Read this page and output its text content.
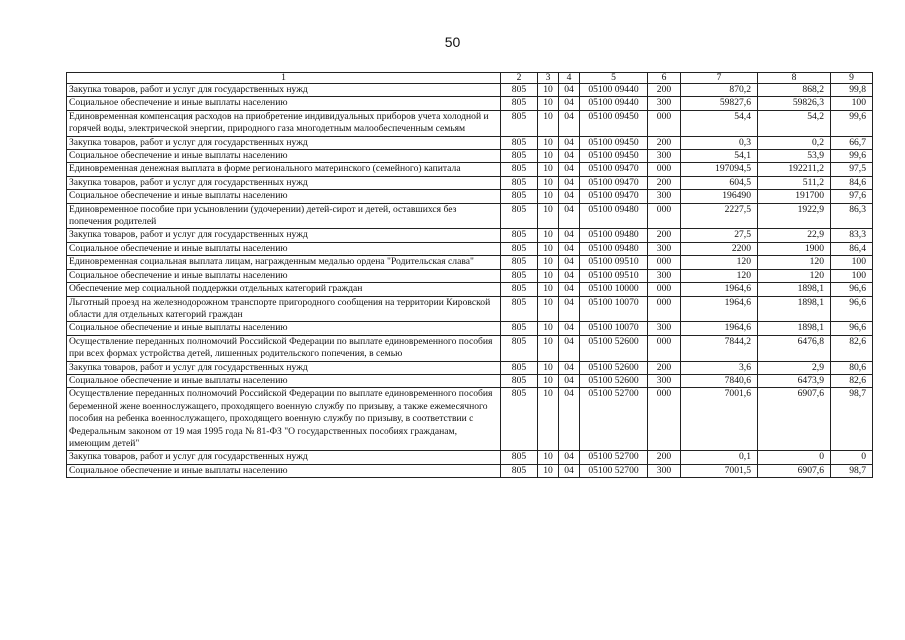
50
1	2	3	4	5	6	7	8	9
Закупка товаров, работ и услуг для государственных нужд	805	10	04	05100 09440	200	870,2	868,2	99,8
Социальное обеспечение и иные выплаты населению	805	10	04	05100 09440	300	59827,6	59826,3	100
Единовременная компенсация расходов на приобретение индивидуальных приборов учета холодной и горячей воды, электрической энергии, природного газа многодетным малообеспеченным семьям	805	10	04	05100 09450	000	54,4	54,2	99,6
Закупка товаров, работ и услуг для государственных нужд	805	10	04	05100 09450	200	0,3	0,2	66,7
Социальное обеспечение и иные выплаты населению	805	10	04	05100 09450	300	54,1	53,9	99,6
Единовременная денежная выплата в форме регионального материнского (семейного) капитала	805	10	04	05100 09470	000	197094,5	192211,2	97,5
Закупка товаров, работ и услуг для государственных нужд	805	10	04	05100 09470	200	604,5	511,2	84,6
Социальное обеспечение и иные выплаты населению	805	10	04	05100 09470	300	196490	191700	97,6
Единовременное пособие при усыновлении (удочерении) детей-сирот и детей, оставшихся без попечения родителей	805	10	04	05100 09480	000	2227,5	1922,9	86,3
Закупка товаров, работ и услуг для государственных нужд	805	10	04	05100 09480	200	27,5	22,9	83,3
Социальное обеспечение и иные выплаты населению	805	10	04	05100 09480	300	2200	1900	86,4
Единовременная социальная выплата лицам, награжденным медалью ордена "Родительская слава"	805	10	04	05100 09510	000	120	120	100
Социальное обеспечение и иные выплаты населению	805	10	04	05100 09510	300	120	120	100
Обеспечение мер социальной поддержки отдельных категорий граждан	805	10	04	05100 10000	000	1964,6	1898,1	96,6
Льготный проезд на железнодорожном транспорте пригородного сообщения на территории Кировской области для отдельных категорий граждан	805	10	04	05100 10070	000	1964,6	1898,1	96,6
Социальное обеспечение и иные выплаты населению	805	10	04	05100 10070	300	1964,6	1898,1	96,6
Осуществление переданных полномочий Российской Федерации по выплате единовременного пособия при всех формах устройства детей, лишенных родительского попечения, в семью	805	10	04	05100 52600	000	7844,2	6476,8	82,6
Закупка товаров, работ и услуг для государственных нужд	805	10	04	05100 52600	200	3,6	2,9	80,6
Социальное обеспечение и иные выплаты населению	805	10	04	05100 52600	300	7840,6	6473,9	82,6
Осуществление переданных полномочий Российской Федерации по выплате единовременного пособия беременной жене военнослужащего, проходящего военную службу по призыву, а также ежемесячного пособия на ребенка военнослужащего, проходящего военную службу по призыву, в соответствии с Федеральным законом от 19 мая 1995 года № 81-ФЗ "О государственных пособиях гражданам, имеющим детей"	805	10	04	05100 52700	000	7001,6	6907,6	98,7
Закупка товаров, работ и услуг для государственных нужд	805	10	04	05100 52700	200	0,1	0	0
Социальное обеспечение и иные выплаты населению	805	10	04	05100 52700	300	7001,5	6907,6	98,7
